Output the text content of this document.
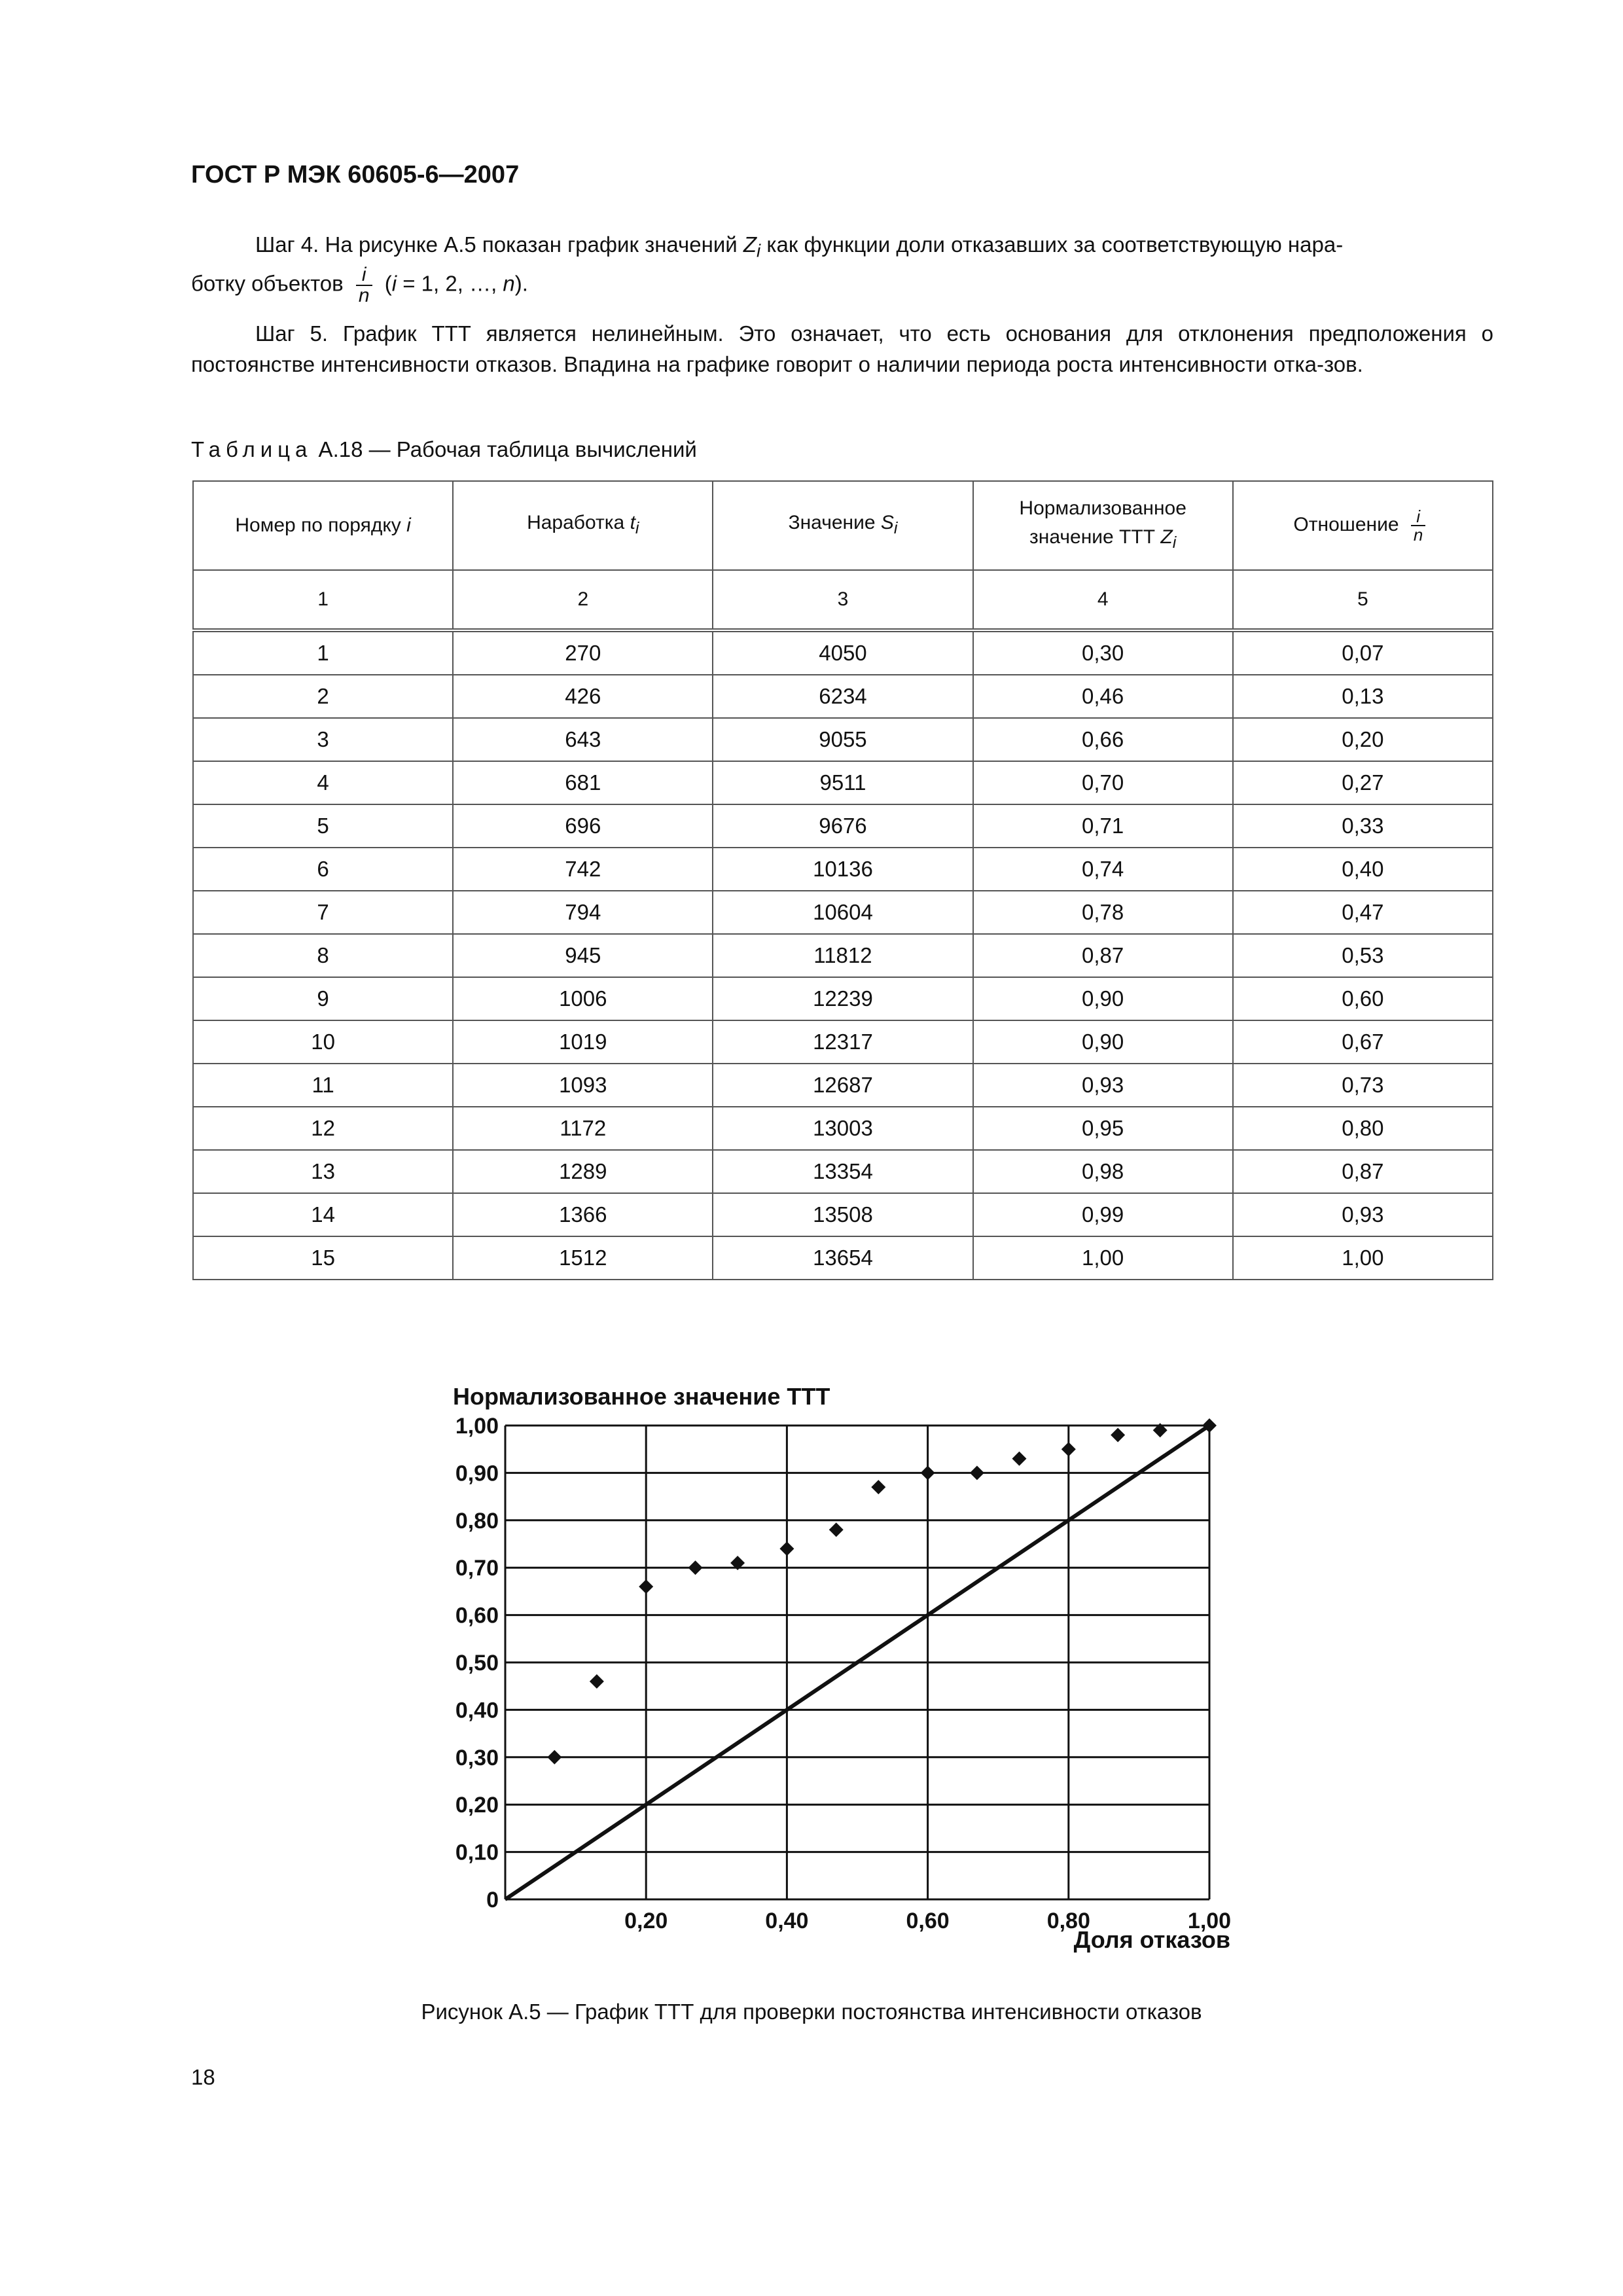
ГОСТ Р МЭК 60605-6—2007
Шаг 4. На рисунке А.5 показан график значений $Z_i$ как функции доли отказавших за соответствующую нара-
ботку объектов $\frac{i}{n} (i = 1$, 2, …, n).
Шаг 5. График ТТТ является нелинейным. Это означает, что есть основания для отклонения предположения о постоянстве интенсивности отказов. Впадина на графике говорит о наличии периода роста интенсивности отка-зов.
Таблица А.18 — Рабочая таблица вычислений
Номер по порядку i	Наработка $t_i$	Значение $S_i$	Нормализованное
значение ТТТ $Z_i$	Отношение $\frac{i}{n}$

1	2	3	4	5
1	270	4050	0,30	0,07
2	426	6234	0,46	0,13
3	643	9055	0,66	0,20
4	681	9511	0,70	0,27
5	696	9676	0,71	0,33
6	742	10136	0,74	0,40
7	794	10604	0,78	0,47
8	945	11812	0,87	0,53
9	1006	12239	0,90	0,60
10	1019	12317	0,90	0,67
11	1093	12687	0,93	0,73
12	1172	13003	0,95	0,80
13	1289	13354	0,98	0,87
14	1366	13508	0,99	0,93
15	1512	13654	1,00	1,00
0
0,10
0,20
0,30
0,40
0,50
0,60
0,70
0,80
0,90
1,00
0,20	0,40	0,60	0,80	1,00
Нормализованное значение ТТТ
Доля отказов
Рисунок А.5 — График ТТТ для проверки постоянства интенсивности отказов
18
